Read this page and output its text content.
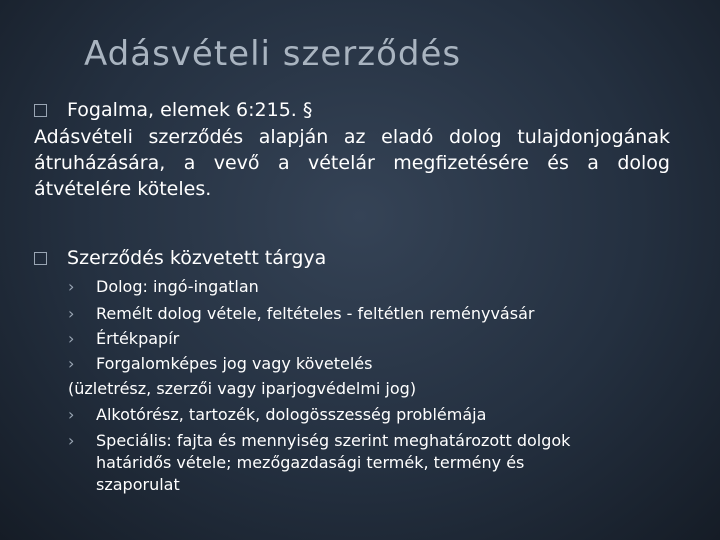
Adásvételi szerződés
Fogalma, elemek 6:215. §
Adásvételi szerződés alapján az eladó dolog tulajdonjogának átruházására, a vevő a vételár megfizetésére és a dolog átvételére köteles.
Szerződés közvetett tárgya
› Dolog: ingó-ingatlan
› Remélt dolog vétele, feltételes - feltétlen reményvásár
› Értékpapír
› Forgalomképes jog vagy követelés
(üzletrész, szerzői vagy iparjogvédelmi jog)
› Alkotórész, tartozék, dologösszesség problémája
› Speciális: fajta és mennyiség szerint meghatározott dolgok
határidős vétele; mezőgazdasági termék, termény és
szaporulat
